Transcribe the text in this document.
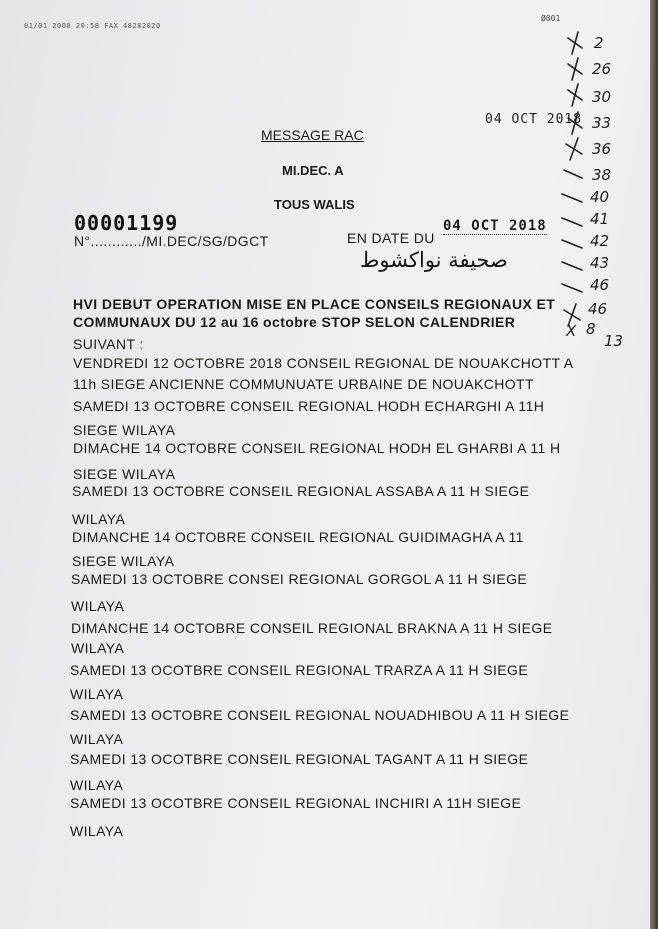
01/01 2000 20:58 FAX 48282020
Ø001
04 OCT 2018
MESSAGE RAC
MI.DEC. A
TOUS WALIS
00001199
N°............/MI.DEC/SG/DGCT	EN DATE DU
04 OCT 2018
صحيفة نواكشوط
HVI DEBUT OPERATION MISE EN PLACE CONSEILS REGIONAUX ET
COMMUNAUX DU 12 au 16 octobre STOP SELON CALENDRIER
SUIVANT :
VENDREDI 12 OCTOBRE 2018 CONSEIL REGIONAL DE NOUAKCHOTT A
11h SIEGE ANCIENNE COMMUNUATE URBAINE DE NOUAKCHOTT
SAMEDI 13 OCTOBRE CONSEIL REGIONAL HODH ECHARGHI A 11H
SIEGE WILAYA
DIMACHE 14 OCTOBRE CONSEIL REGIONAL HODH EL GHARBI A 11 H
SIEGE WILAYA
SAMEDI 13 OCTOBRE CONSEIL REGIONAL ASSABA A 11 H SIEGE
WILAYA
DIMANCHE 14 OCTOBRE CONSEIL REGIONAL GUIDIMAGHA A 11
SIEGE WILAYA
SAMEDI 13 OCTOBRE CONSEI REGIONAL GORGOL A 11 H SIEGE
WILAYA
DIMANCHE 14 OCTOBRE CONSEIL REGIONAL BRAKNA A 11 H SIEGE
WILAYA
SAMEDI 13 OCOTBRE CONSEIL REGIONAL TRARZA A 11 H SIEGE
WILAYA
SAMEDI 13 OCTOBRE CONSEIL REGIONAL NOUADHIBOU A 11 H SIEGE
WILAYA
SAMEDI 13 OCOTBRE CONSEIL REGIONAL TAGANT A 11 H SIEGE
WILAYA
SAMEDI 13 OCOTBRE CONSEIL REGIONAL INCHIRI A 11H SIEGE
WILAYA
2
26
30
33
36
38
40
41
42
43
46
46
X 8
13
